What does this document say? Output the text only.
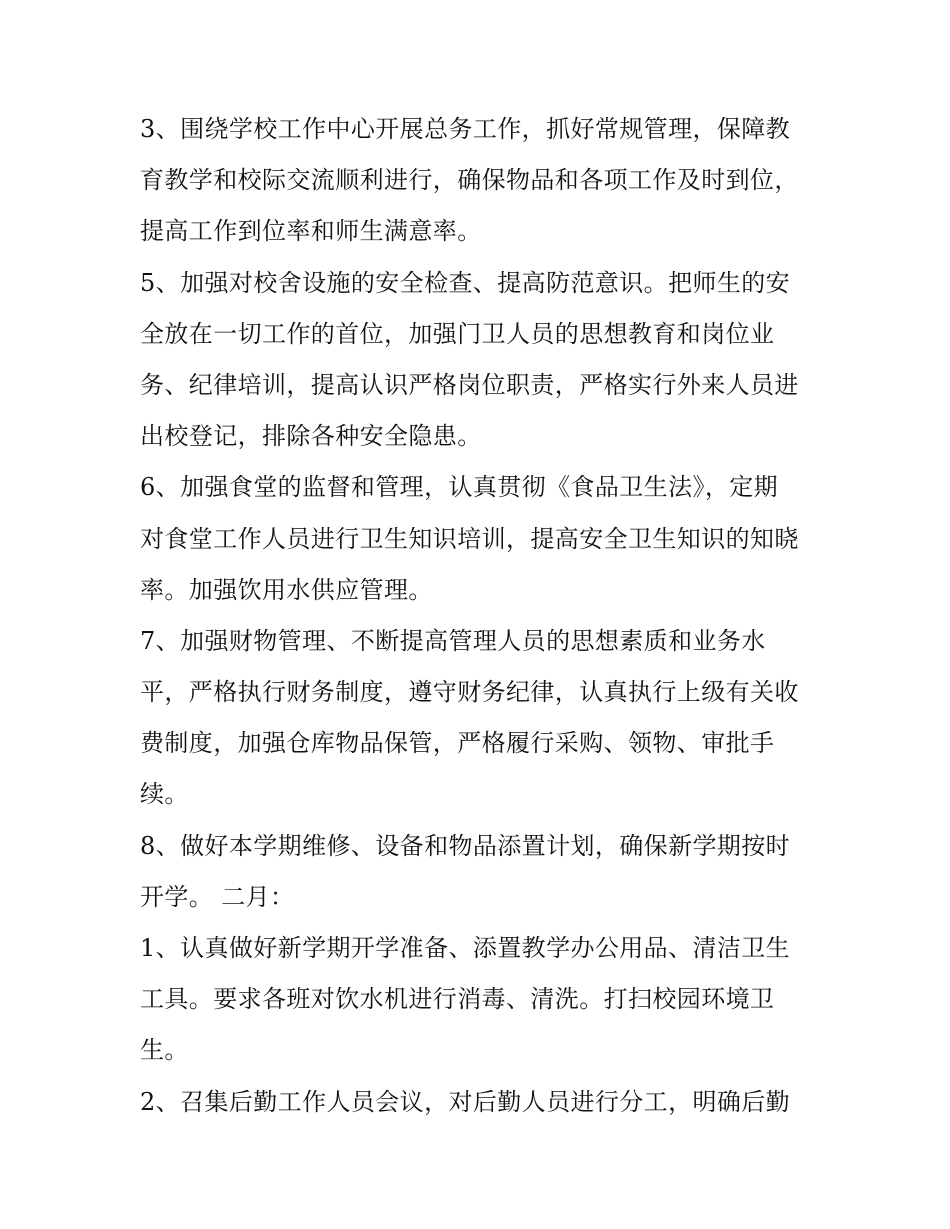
3、围绕学校工作中心开展总务工作，抓好常规管理，保障教
育教学和校际交流顺利进行，确保物品和各项工作及时到位，
提高工作到位率和师生满意率。
5、加强对校舍设施的安全检查、提高防范意识。把师生的安
全放在一切工作的首位，加强门卫人员的思想教育和岗位业
务、纪律培训，提高认识严格岗位职责，严格实行外来人员进
出校登记，排除各种安全隐患。
6、加强食堂的监督和管理，认真贯彻《食品卫生法》，定期
对食堂工作人员进行卫生知识培训，提高安全卫生知识的知晓
率。加强饮用水供应管理。
7、加强财物管理、不断提高管理人员的思想素质和业务水
平，严格执行财务制度，遵守财务纪律，认真执行上级有关收
费制度，加强仓库物品保管，严格履行采购、领物、审批手
续。
8、做好本学期维修、设备和物品添置计划，确保新学期按时
开学。 二月：
1、认真做好新学期开学准备、添置教学办公用品、清洁卫生
工具。要求各班对饮水机进行消毒、清洗。打扫校园环境卫
生。
2、召集后勤工作人员会议，对后勤人员进行分工，明确后勤
